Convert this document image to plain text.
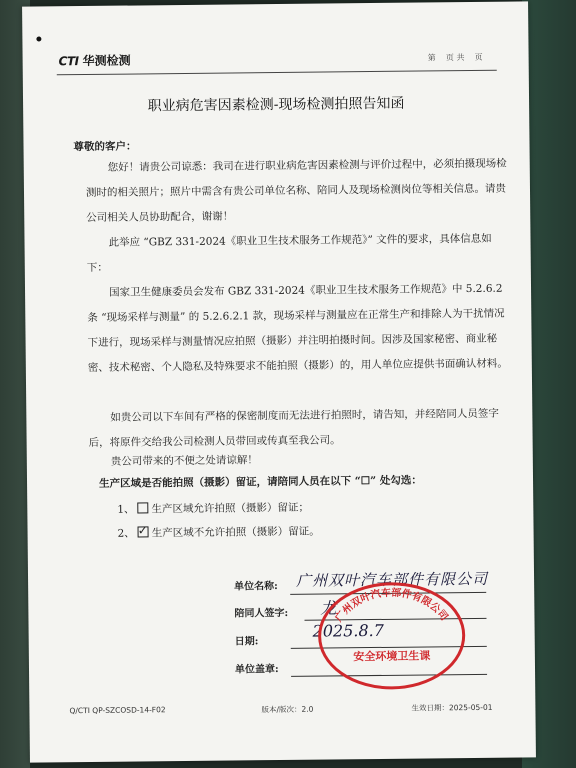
CTI 华测检测	第    页 共    页
职业病危害因素检测-现场检测拍照告知函
尊敬的客户：
您好！请贵公司谅悉：我司在进行职业病危害因素检测与评价过程中，必须拍摄现场检测时的相关照片；照片中需含有贵公司单位名称、陪同人及现场检测岗位等相关信息。请贵公司相关人员协助配合，谢谢！
此举应 “GBZ 331-2024《职业卫生技术服务工作规范》” 文件的要求，具体信息如下：
国家卫生健康委员会发布 GBZ 331-2024《职业卫生技术服务工作规范》中 5.2.6.2 条 “现场采样与测量” 的 5.2.6.2.1 款，现场采样与测量应在正常生产和排除人为干扰情况下进行，现场采样与测量情况应拍照（摄影）并注明拍摄时间。因涉及国家秘密、商业秘密、技术秘密、个人隐私及特殊要求不能拍照（摄影）的，用人单位应提供书面确认材料。
如贵公司以下车间有严格的保密制度而无法进行拍照时，请告知，并经陪同人员签字后，将原件交给我公司检测人员带回或传真至我公司。
贵公司带来的不便之处请谅解！
生产区域是否能拍照（摄影）留证，请陪同人员在以下 “☐” 处勾选：
1、 生产区域允许拍照（摄影）留证；
2、 ✓ 生产区域不允许拍照（摄影）留证。
单位名称: 广州双叶汽车部件有限公司
陪同人签字: 龙
日期:
2025.8.7
单位盖章:
广州双叶汽车部件有限公司
安全环境卫生课
Q/CTI QP-SZCOSD-14-F02	版本/版次：2.0	生效日期：2025-05-01
